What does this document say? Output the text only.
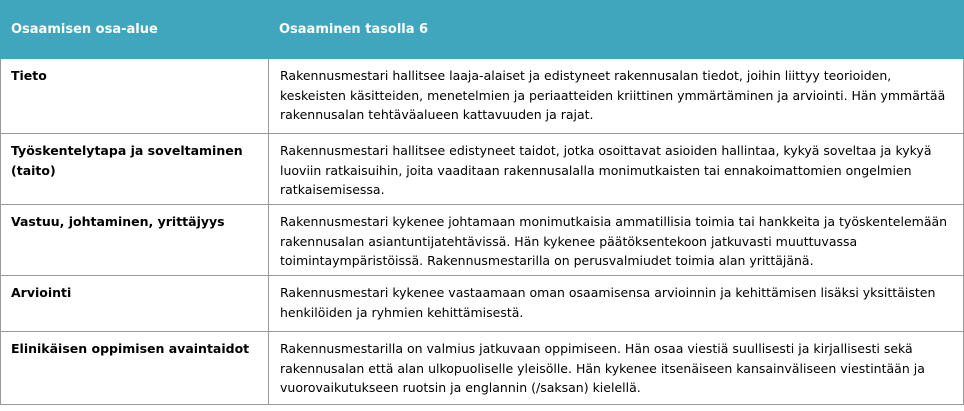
Osaamisen osa-alue	Osaaminen tasolla 6
Tieto	Rakennusmestari hallitsee laaja-alaiset ja edistyneet rakennusalan tiedot, joihin liittyy teorioiden, keskeisten käsitteiden, menetelmien ja periaatteiden kriittinen ymmärtäminen ja arviointi. Hän ymmärtää rakennusalan tehtäväalueen kattavuuden ja rajat.

Työskentelytapa ja soveltaminen (taito)	Rakennusmestari hallitsee edistyneet taidot, jotka osoittavat asioiden hallintaa, kykyä soveltaa ja kykyä luoviin ratkaisuihin, joita vaaditaan rakennusalalla monimutkaisten tai ennakoimattomien ongelmien ratkaisemisessa.

Vastuu, johtaminen, yrittäjyys	Rakennusmestari kykenee johtamaan monimutkaisia ammatillisia toimia tai hankkeita ja työskentelemään rakennusalan asiantuntijatehtävissä. Hän kykenee päätöksentekoon jatkuvasti muuttuvassa toimintaympäristöissä. Rakennusmestarilla on perusvalmiudet toimia alan yrittäjänä.

Arviointi	Rakennusmestari kykenee vastaamaan oman osaamisensa arvioinnin ja kehittämisen lisäksi yksittäisten henkilöiden ja ryhmien kehittämisestä.

Elinikäisen oppimisen avaintaidot	Rakennusmestarilla on valmius jatkuvaan oppimiseen. Hän osaa viestiä suullisesti ja kirjallisesti sekä rakennusalan että alan ulkopuoliselle yleisölle. Hän kykenee itsenäiseen kansainväliseen viestintään ja vuorovaikutukseen ruotsin ja englannin (/saksan) kielellä.
